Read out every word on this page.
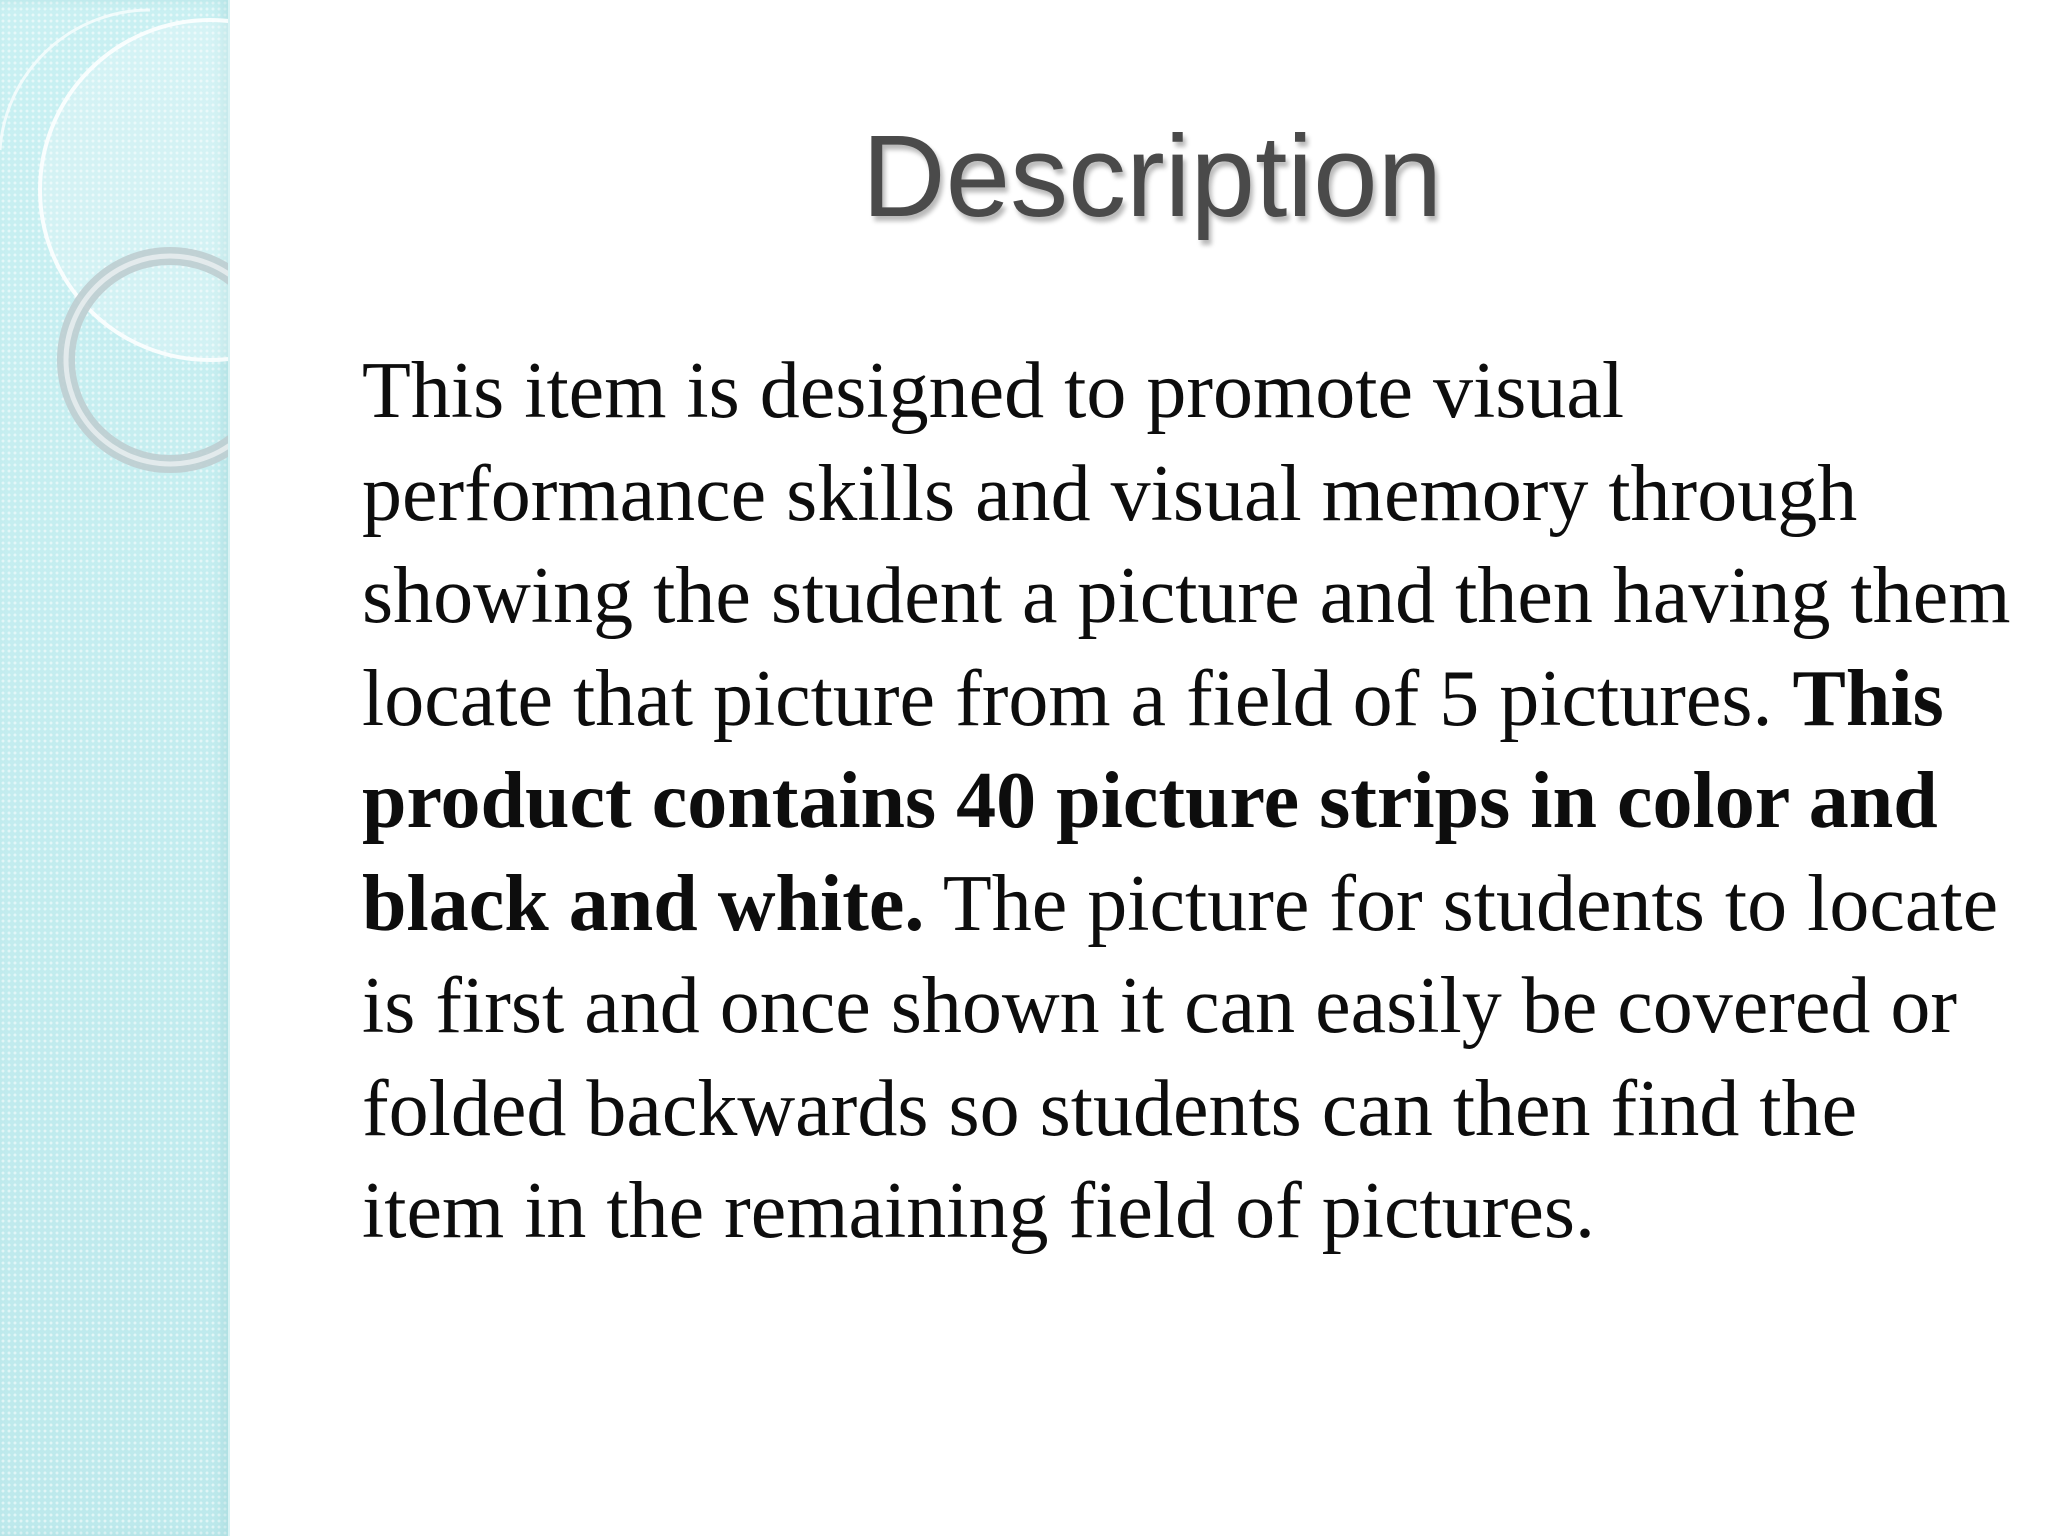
Description
This item is designed to promote visual performance skills and visual memory through showing the student a picture and then having them locate that picture from a field of 5 pictures. This product contains 40 picture strips in color and black and white. The picture for students to locate is first and once shown it can easily be covered or folded backwards so students can then find the item in the remaining field of pictures.
